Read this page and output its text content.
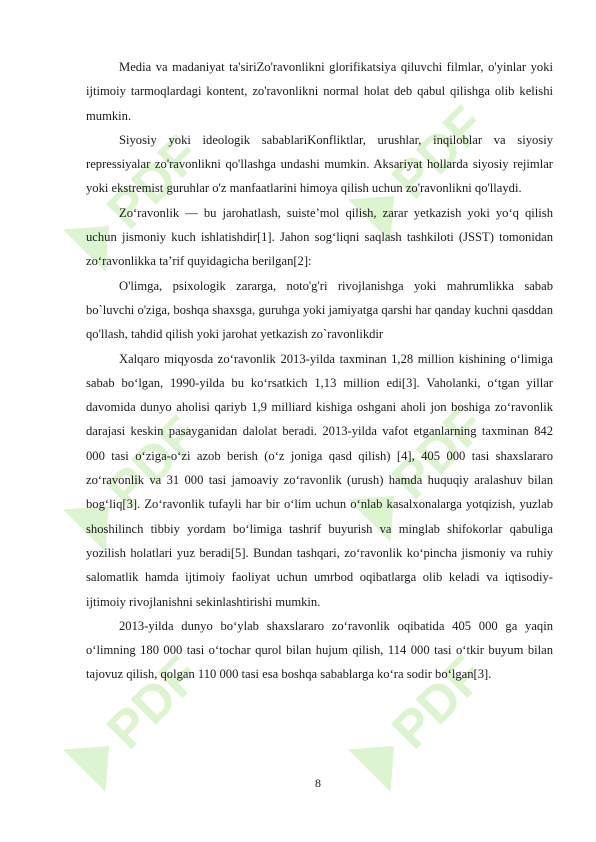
PDF	PDF
PDF	PDF
PDF	PDF

Media va madaniyat ta'siriZo'ravonlikni glorifikatsiya qiluvchi filmlar, o'yinlar yoki ijtimoiy tarmoqlardagi kontent, zo'ravonlikni normal holat deb qabul qilishga olib kelishi mumkin.

Siyosiy yoki ideologik sabablariKonfliktlar, urushlar, inqiloblar va siyosiy repressiyalar zo'ravonlikni qo'llashga undashi mumkin. Aksariyat hollarda siyosiy rejimlar yoki ekstremist guruhlar o'z manfaatlarini himoya qilish uchun zo'ravonlikni qo'llaydi.

Zo‘ravonlik — bu jarohatlash, suiste’mol qilish, zarar yetkazish yoki yo‘q qilish uchun jismoniy kuch ishlatishdir[1]. Jahon sog‘liqni saqlash tashkiloti (JSST) tomonidan zo‘ravonlikka ta’rif quyidagicha berilgan[2]:

O'limga, psixologik zararga, noto'g'ri rivojlanishga yoki mahrumlikka sabab bo`luvchi o'ziga, boshqa shaxsga, guruhga yoki jamiyatga qarshi har qanday kuchni qasddan qo'llash, tahdid qilish yoki jarohat yetkazish zo`ravonlikdir

Xalqaro miqyosda zo‘ravonlik 2013-yilda taxminan 1,28 million kishining o‘limiga sabab bo‘lgan, 1990-yilda bu ko‘rsatkich 1,13 million edi[3]. Vaholanki, o‘tgan yillar davomida dunyo aholisi qariyb 1,9 milliard kishiga oshgani aholi jon boshiga zo‘ravonlik darajasi keskin pasayganidan dalolat beradi. 2013-yilda vafot etganlarning taxminan 842 000 tasi o‘ziga-o‘zi azob berish (o‘z joniga qasd qilish) [4], 405 000 tasi shaxslararo zo‘ravonlik va 31 000 tasi jamoaviy zo‘ravonlik (urush) hamda huquqiy aralashuv bilan bog‘liq[3]. Zo‘ravonlik tufayli har bir o‘lim uchun o‘nlab kasalxonalarga yotqizish, yuzlab shoshilinch tibbiy yordam bo‘limiga tashrif buyurish va minglab shifokorlar qabuliga yozilish holatlari yuz beradi[5]. Bundan tashqari, zo‘ravonlik ko‘pincha jismoniy va ruhiy salomatlik hamda ijtimoiy faoliyat uchun umrbod oqibatlarga olib keladi va iqtisodiy-ijtimoiy rivojlanishni sekinlashtirishi mumkin.

2013-yilda dunyo bo‘ylab shaxslararo zo‘ravonlik oqibatida 405 000 ga yaqin o‘limning 180 000 tasi o‘tochar qurol bilan hujum qilish, 114 000 tasi o‘tkir buyum bilan tajovuz qilish, qolgan 110 000 tasi esa boshqa sabablarga ko‘ra sodir bo‘lgan[3].

8
